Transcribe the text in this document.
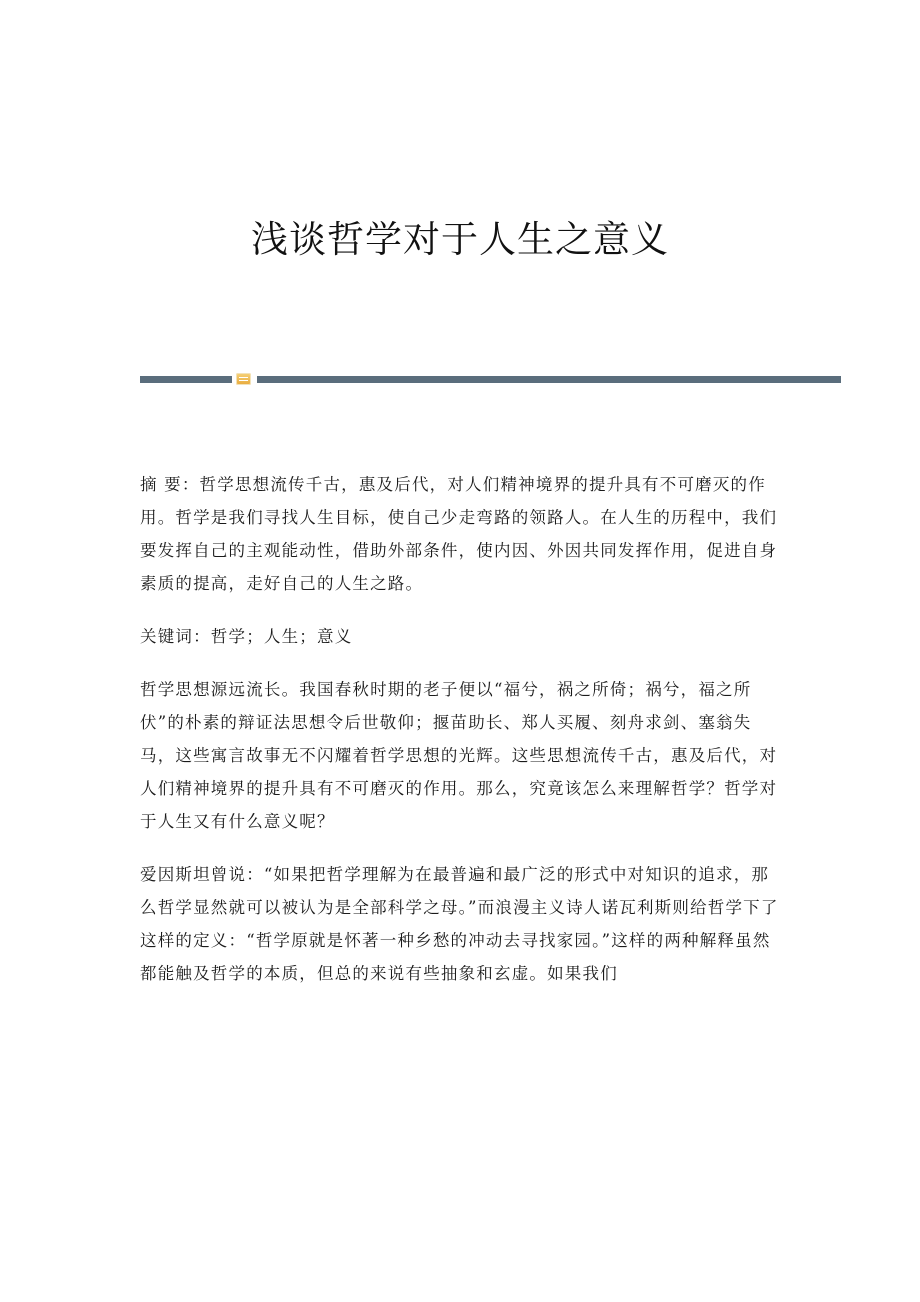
浅谈哲学对于人生之意义

摘 要：哲学思想流传千古，惠及后代，对人们精神境界的提升具有不可磨灭的作用。哲学是我们寻找人生目标，使自己少走弯路的领路人。在人生的历程中，我们要发挥自己的主观能动性，借助外部条件，使内因、外因共同发挥作用，促进自身素质的提高，走好自己的人生之路。

关键词：哲学；人生；意义

哲学思想源远流长。我国春秋时期的老子便以“福兮，祸之所倚；祸兮，福之所伏”的朴素的辩证法思想令后世敬仰；揠苗助长、郑人买履、刻舟求剑、塞翁失马，这些寓言故事无不闪耀着哲学思想的光辉。这些思想流传千古，惠及后代，对人们精神境界的提升具有不可磨灭的作用。那么，究竟该怎么来理解哲学？哲学对于人生又有什么意义呢？

爱因斯坦曾说：“如果把哲学理解为在最普遍和最广泛的形式中对知识的追求，那么哲学显然就可以被认为是全部科学之母。”而浪漫主义诗人诺瓦利斯则给哲学下了这样的定义：“哲学原就是怀著一种乡愁的冲动去寻找家园。”这样的两种解释虽然都能触及哲学的本质，但总的来说有些抽象和玄虚。如果我们
